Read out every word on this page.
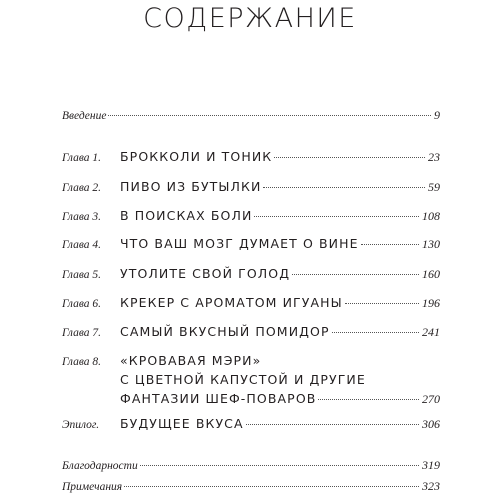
СОДЕРЖАНИЕ
Введение	9
Глава 1.	БРОККОЛИ И ТОНИК	23
Глава 2.	ПИВО ИЗ БУТЫЛКИ	59
Глава 3.	В ПОИСКАХ БОЛИ	108
Глава 4.	ЧТО ВАШ МОЗГ ДУМАЕТ О ВИНЕ	130
Глава 5.	УТОЛИТЕ СВОЙ ГОЛОД	160
Глава 6.	КРЕКЕР С АРОМАТОМ ИГУАНЫ	196
Глава 7.	САМЫЙ ВКУСНЫЙ ПОМИДОР	241
Глава 8.	«КРОВАВАЯ МЭРИ»
С ЦВЕТНОЙ КАПУСТОЙ И ДРУГИЕ
ФАНТАЗИИ ШЕФ-ПОВАРОВ	270
Эпилог.	БУДУЩЕЕ ВКУСА	306
Благодарности	319
Примечания	323
